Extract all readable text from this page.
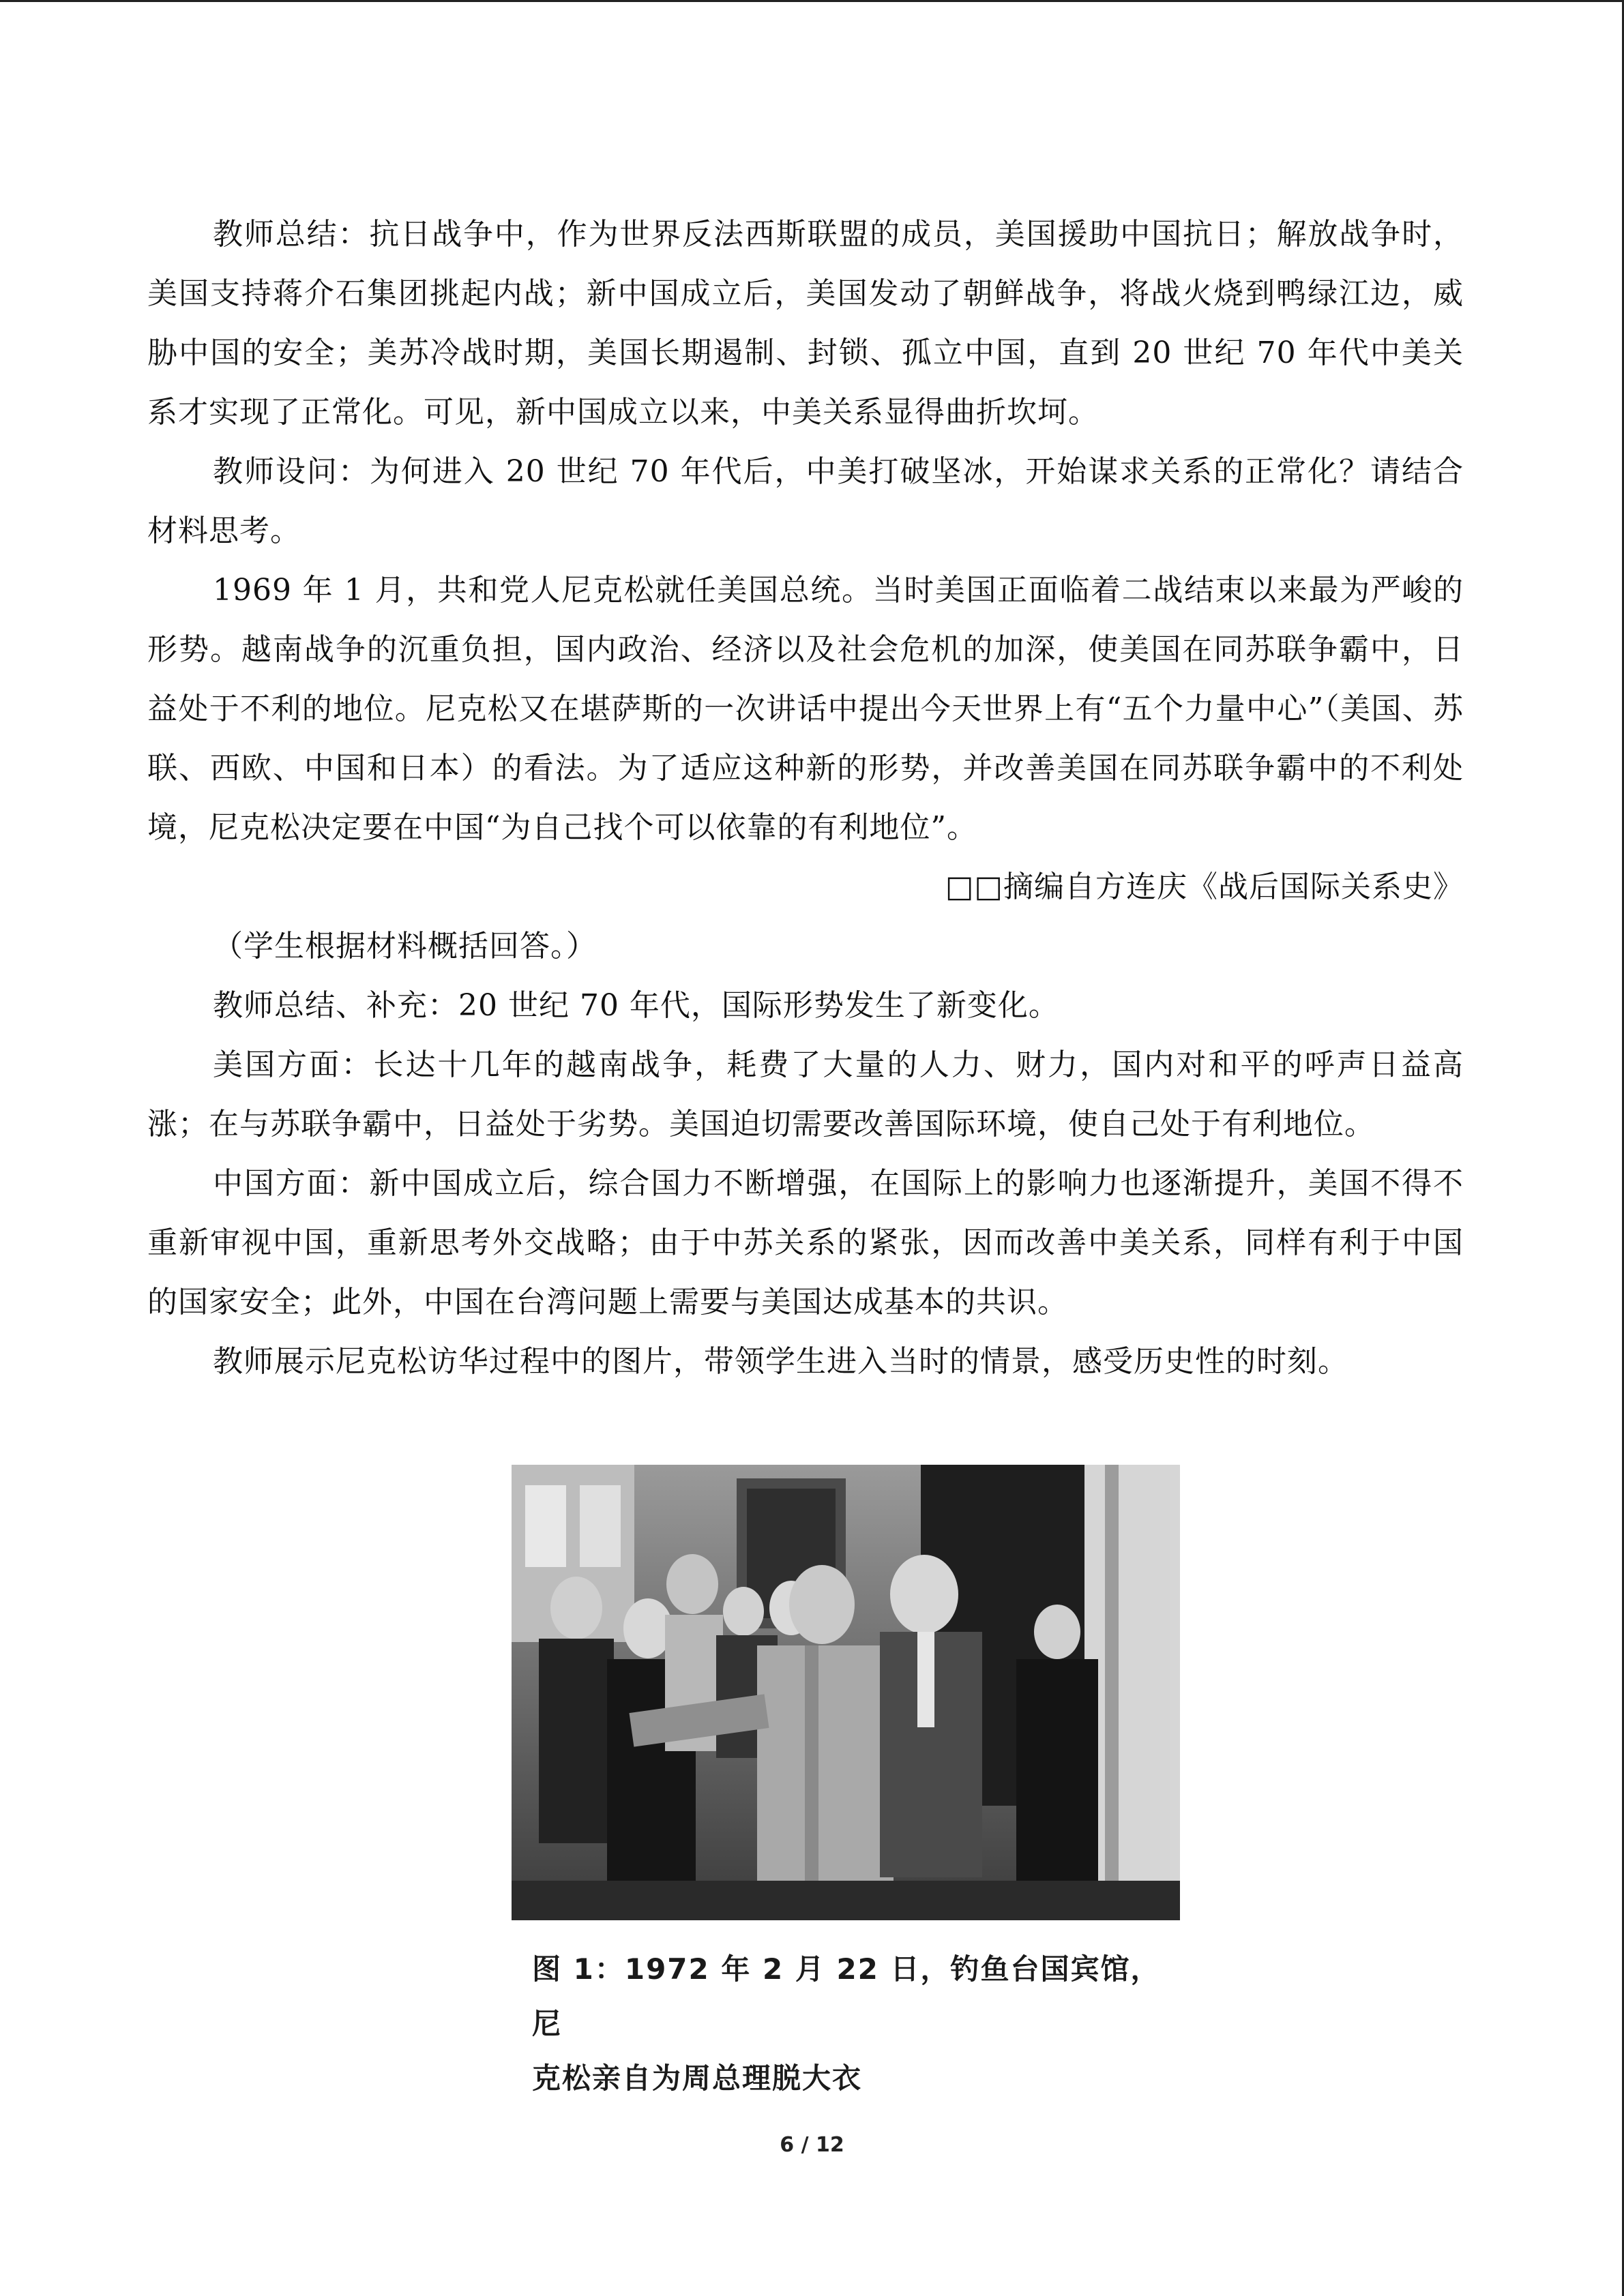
教师总结：抗日战争中，作为世界反法西斯联盟的成员，美国援助中国抗日；解放战争时，美国支持蒋介石集团挑起内战；新中国成立后，美国发动了朝鲜战争，将战火烧到鸭绿江边，威胁中国的安全；美苏冷战时期，美国长期遏制、封锁、孤立中国，直到 20 世纪 70 年代中美关系才实现了正常化。可见，新中国成立以来，中美关系显得曲折坎坷。

教师设问：为何进入 20 世纪 70 年代后，中美打破坚冰，开始谋求关系的正常化？请结合材料思考。

1969 年 1 月，共和党人尼克松就任美国总统。当时美国正面临着二战结束以来最为严峻的形势。越南战争的沉重负担，国内政治、经济以及社会危机的加深，使美国在同苏联争霸中，日益处于不利的地位。尼克松又在堪萨斯的一次讲话中提出今天世界上有“五个力量中心”（美国、苏联、西欧、中国和日本）的看法。为了适应这种新的形势，并改善美国在同苏联争霸中的不利处境，尼克松决定要在中国“为自己找个可以依靠的有利地位”。

□□摘编自方连庆《战后国际关系史》

（学生根据材料概括回答。）

教师总结、补充：20 世纪 70 年代，国际形势发生了新变化。

美国方面：长达十几年的越南战争，耗费了大量的人力、财力，国内对和平的呼声日益高涨；在与苏联争霸中，日益处于劣势。美国迫切需要改善国际环境，使自己处于有利地位。

中国方面：新中国成立后，综合国力不断增强，在国际上的影响力也逐渐提升，美国不得不重新审视中国，重新思考外交战略；由于中苏关系的紧张，因而改善中美关系，同样有利于中国的国家安全；此外，中国在台湾问题上需要与美国达成基本的共识。

教师展示尼克松访华过程中的图片，带领学生进入当时的情景，感受历史性的时刻。

图 1：1972 年 2 月 22 日，钓鱼台国宾馆，尼
克松亲自为周总理脱大衣
6 / 12
